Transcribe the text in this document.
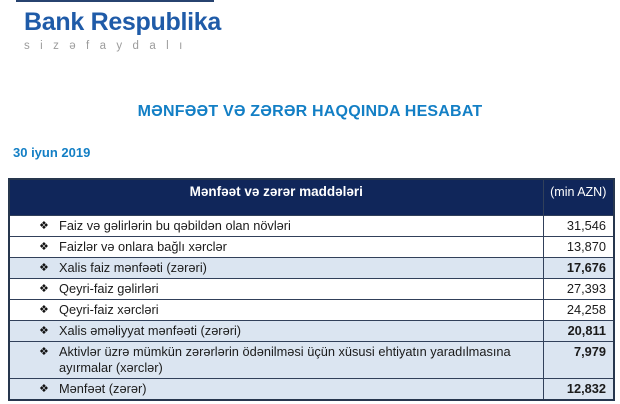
Bank Respublika
s i z ə f a y d a l ı
MƏNFƏƏT VƏ ZƏRƏR HAQQINDA HESABAT
30 iyun 2019
Mənfəət və zərər maddələri	(min AZN)

❖ Faiz və gəlirlərin bu qəbildən olan növləri	31,546

❖ Faizlər və onlara bağlı xərclər	13,870

❖ Xalis faiz mənfəəti (zərəri)	17,676

❖ Qeyri-faiz gəlirləri	27,393

❖ Qeyri-faiz xərcləri	24,258

❖ Xalis əməliyyat mənfəəti (zərəri)	20,811

❖ Aktivlər üzrə mümkün zərərlərin ödənilməsi üçün xüsusi ehtiyatın yaradılmasına ayırmalar (xərclər)	7,979

❖ Mənfəət (zərər)	12,832
